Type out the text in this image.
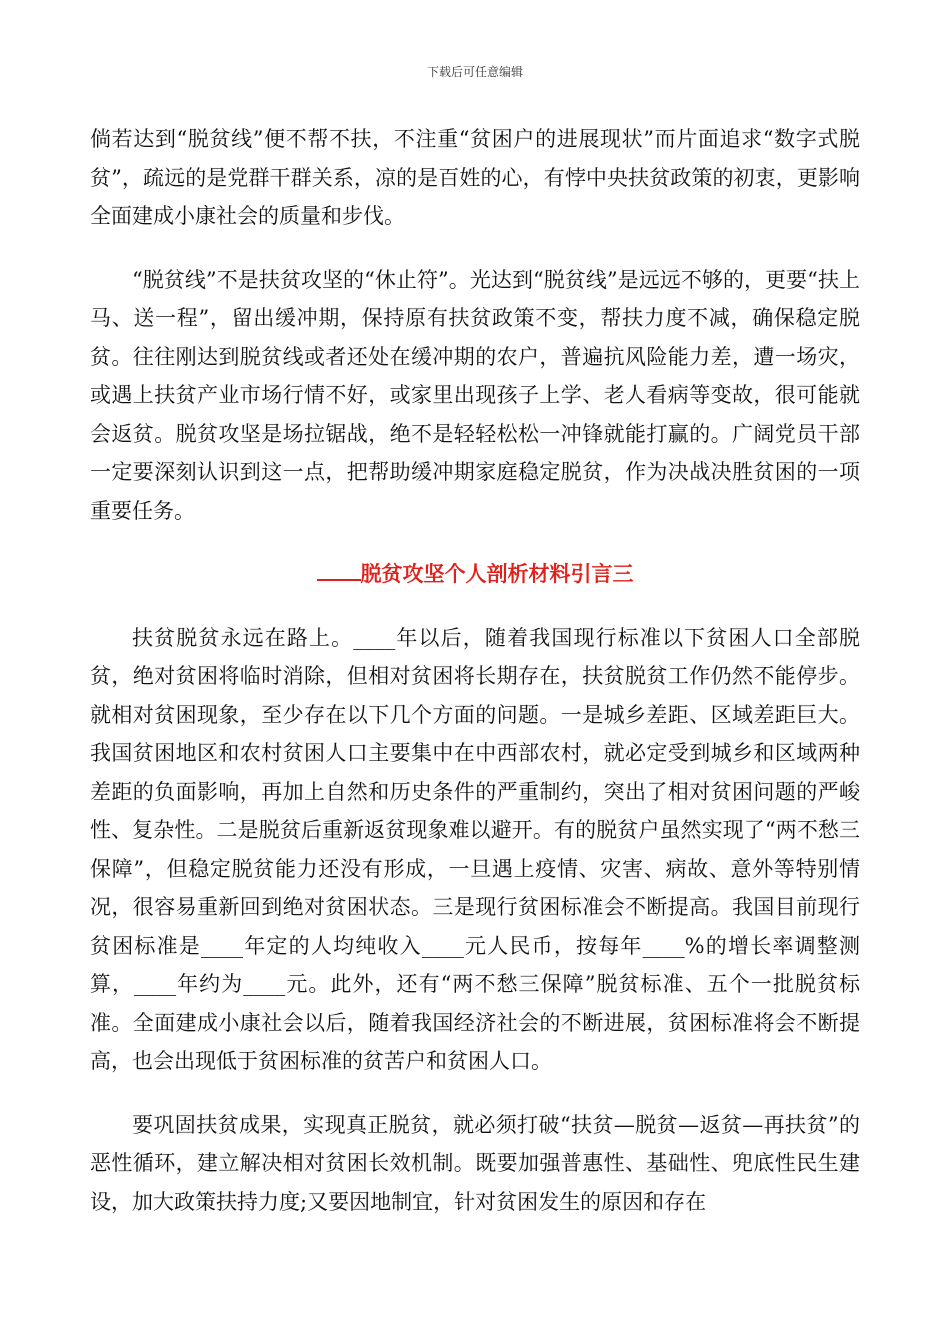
下载后可任意编辑

倘若达到“脱贫线”便不帮不扶，不注重“贫困户的进展现状”而片面追求“数字式脱贫”，疏远的是党群干群关系，凉的是百姓的心，有悖中央扶贫政策的初衷，更影响全面建成小康社会的质量和步伐。

“脱贫线”不是扶贫攻坚的“休止符”。光达到“脱贫线”是远远不够的，更要“扶上马、送一程”，留出缓冲期，保持原有扶贫政策不变，帮扶力度不减，确保稳定脱贫。往往刚达到脱贫线或者还处在缓冲期的农户，普遍抗风险能力差，遭一场灾，或遇上扶贫产业市场行情不好，或家里出现孩子上学、老人看病等变故，很可能就会返贫。脱贫攻坚是场拉锯战，绝不是轻轻松松一冲锋就能打赢的。广阔党员干部一定要深刻认识到这一点，把帮助缓冲期家庭稳定脱贫，作为决战决胜贫困的一项重要任务。

脱贫攻坚个人剖析材料引言三

扶贫脱贫永远在路上。____年以后，随着我国现行标准以下贫困人口全部脱贫，绝对贫困将临时消除，但相对贫困将长期存在，扶贫脱贫工作仍然不能停步。就相对贫困现象，至少存在以下几个方面的问题。一是城乡差距、区域差距巨大。我国贫困地区和农村贫困人口主要集中在中西部农村，就必定受到城乡和区域两种差距的负面影响，再加上自然和历史条件的严重制约，突出了相对贫困问题的严峻性、复杂性。二是脱贫后重新返贫现象难以避开。有的脱贫户虽然实现了“两不愁三保障”，但稳定脱贫能力还没有形成，一旦遇上疫情、灾害、病故、意外等特别情况，很容易重新回到绝对贫困状态。三是现行贫困标准会不断提高。我国目前现行贫困标准是____年定的人均纯收入____元人民币，按每年____%的增长率调整测算，____年约为____元。此外，还有“两不愁三保障”脱贫标准、五个一批脱贫标准。全面建成小康社会以后，随着我国经济社会的不断进展，贫困标准将会不断提高，也会出现低于贫困标准的贫苦户和贫困人口。

要巩固扶贫成果，实现真正脱贫，就必须打破“扶贫—脱贫—返贫—再扶贫”的恶性循环，建立解决相对贫困长效机制。既要加强普惠性、基础性、兜底性民生建设，加大政策扶持力度;又要因地制宜，针对贫困发生的原因和存在
